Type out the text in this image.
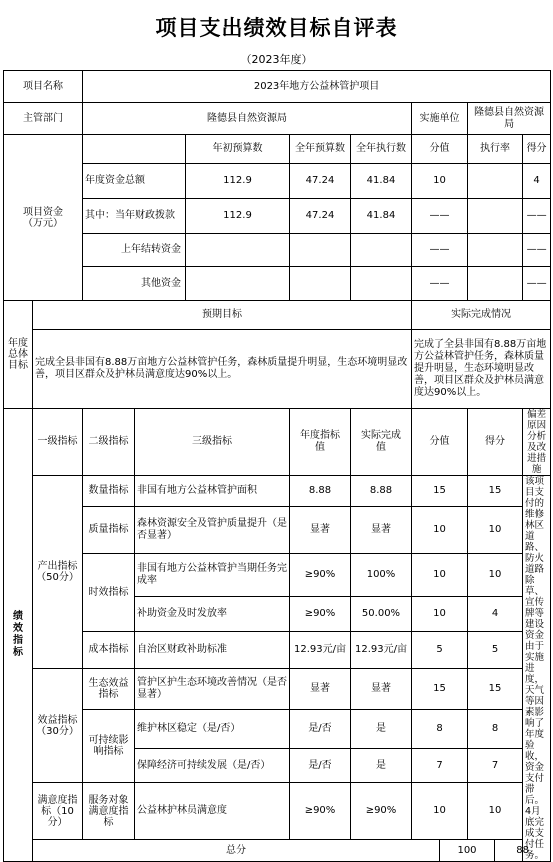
项目支出绩效目标自评表
（2023年度）
项目名称		2023年地方公益林管护项目										
主管部门		隆德县自然资源局					实施单位		隆德县自然资源局			

项目资金（万元）				年初预算数	全年预算数	全年执行数	分值		执行率		得分	
		年度资金总额		112.9	47.24	41.84	10				4	
		其中：当年财政拨款		112.9	47.24	41.84	——				——	
		上年结转资金					——				——	
		其他资金					——				——	

年度总体目标	预期目标						实际完成情况					
	完成全县非国有8.88万亩地方公益林管护任务，森林质量提升明显，生态环境明显改善，项目区群众及护林员满意度达90%以上。						完成了全县非国有8.88万亩地方公益林管护任务，森林质量提升明显，生态环境明显改善，项目区群众及护林员满意度达90%以上。					

绩效指标	一级指标	二级指标	三级指标		年度指标值	实际完成值	分值		得分		偏差原因分析及改进措施	

	产出指标（50分）	数量指标	非国有地方公益林管护面积		8.88	8.88	15		15		该项目支付的维修林区道路、防火道路除草、宣传牌等建设资金由于实施进度，天气等因素影响了年度验收，资金支付滞后。4月底完成支付任务。	

		质量指标	森林资源安全及管护质量提升（是否显著）		显著	显著	10		10			
		时效指标	非国有地方公益林管护当期任务完成率		≥90%	100%	10		10			
			补助资金及时发放率		≥90%	50.00%	10		4			
		成本指标	自治区财政补助标准		12.93元/亩	12.93元/亩	5		5			

	效益指标（30分）	生态效益指标	管护区护生态环境改善情况（是否显著）		显著	显著	15		15			

		可持续影响指标	维护林区稳定（是/否）		是/否	是	8		8			
			保障经济可持续发展（是/否）		是/否	是	7		7			

	满意度指标（10分）	服务对象满意度指标	公益林护林员满意度		≥90%	≥90%	10		10			
	总分							100		88		
